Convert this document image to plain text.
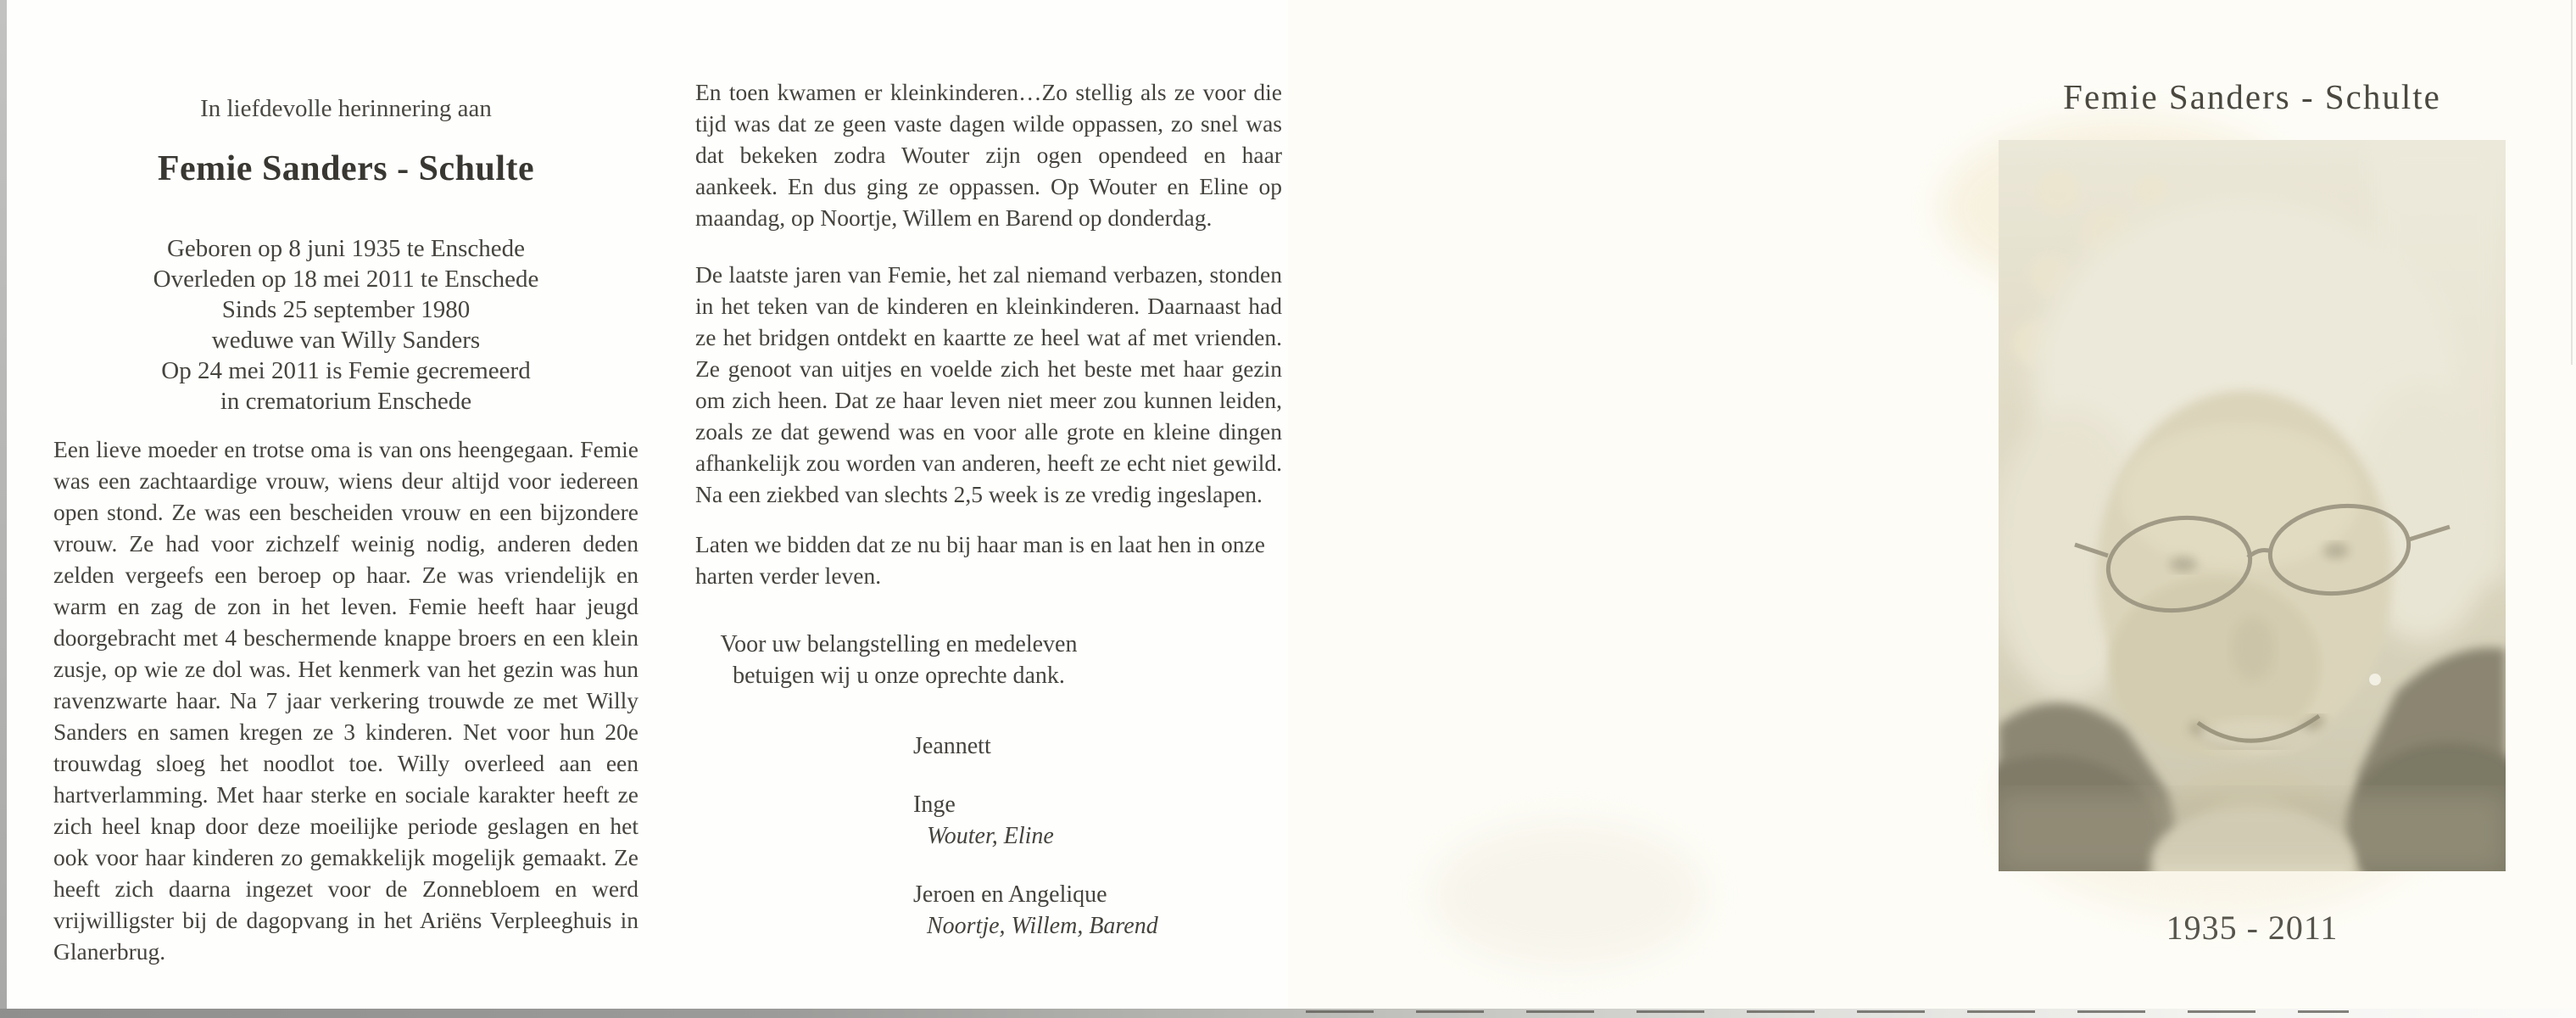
In liefdevolle herinnering aan

Femie Sanders - Schulte
Geboren op 8 juni 1935 te Enschede
Overleden op 18 mei 2011 te Enschede
Sinds 25 september 1980
weduwe van Willy Sanders
Op 24 mei 2011 is Femie gecremeerd
in crematorium Enschede

Een lieve moeder en trotse oma is van ons heengegaan. Femie was een zachtaardige vrouw, wiens deur altijd voor iedereen open stond. Ze was een bescheiden vrouw en een bijzondere vrouw. Ze had voor zichzelf weinig nodig, anderen deden zelden vergeefs een beroep op haar. Ze was vriendelijk en warm en zag de zon in het leven. Femie heeft haar jeugd doorgebracht met 4 beschermende knappe broers en een klein zusje, op wie ze dol was. Het kenmerk van het gezin was hun ravenzwarte haar. Na 7 jaar verkering trouwde ze met Willy Sanders en samen kregen ze 3 kinderen. Net voor hun 20e trouwdag sloeg het noodlot toe. Willy overleed aan een hartverlamming. Met haar sterke en sociale karakter heeft ze zich heel knap door deze moeilijke periode geslagen en het ook voor haar kinderen zo gemakkelijk mogelijk gemaakt. Ze heeft zich daarna ingezet voor de Zonnebloem en werd vrijwilligster bij de dagopvang in het Ariëns Verpleeghuis in Glanerbrug.

En toen kwamen er kleinkinderen…Zo stellig als ze voor die tijd was dat ze geen vaste dagen wilde oppassen, zo snel was dat bekeken zodra Wouter zijn ogen opendeed en haar aankeek. En dus ging ze oppassen. Op Wouter en Eline op maandag, op Noortje, Willem en Barend op donderdag.

De laatste jaren van Femie, het zal niemand verbazen, stonden in het teken van de kinderen en kleinkinderen. Daarnaast had ze het bridgen ontdekt en kaartte ze heel wat af met vrienden. Ze genoot van uitjes en voelde zich het beste met haar gezin om zich heen. Dat ze haar leven niet meer zou kunnen leiden, zoals ze dat gewend was en voor alle grote en kleine dingen afhankelijk zou worden van anderen, heeft ze echt niet gewild. Na een ziekbed van slechts 2,5 week is ze vredig ingeslapen.

Laten we bidden dat ze nu bij haar man is en laat hen in onze harten verder leven.

Voor uw belangstelling en medeleven
betuigen wij u onze oprechte dank.
Jeannett
Inge
Wouter, Eline
Jeroen en Angelique
Noortje, Willem, Barend
Femie Sanders - Schulte

1935 - 2011
